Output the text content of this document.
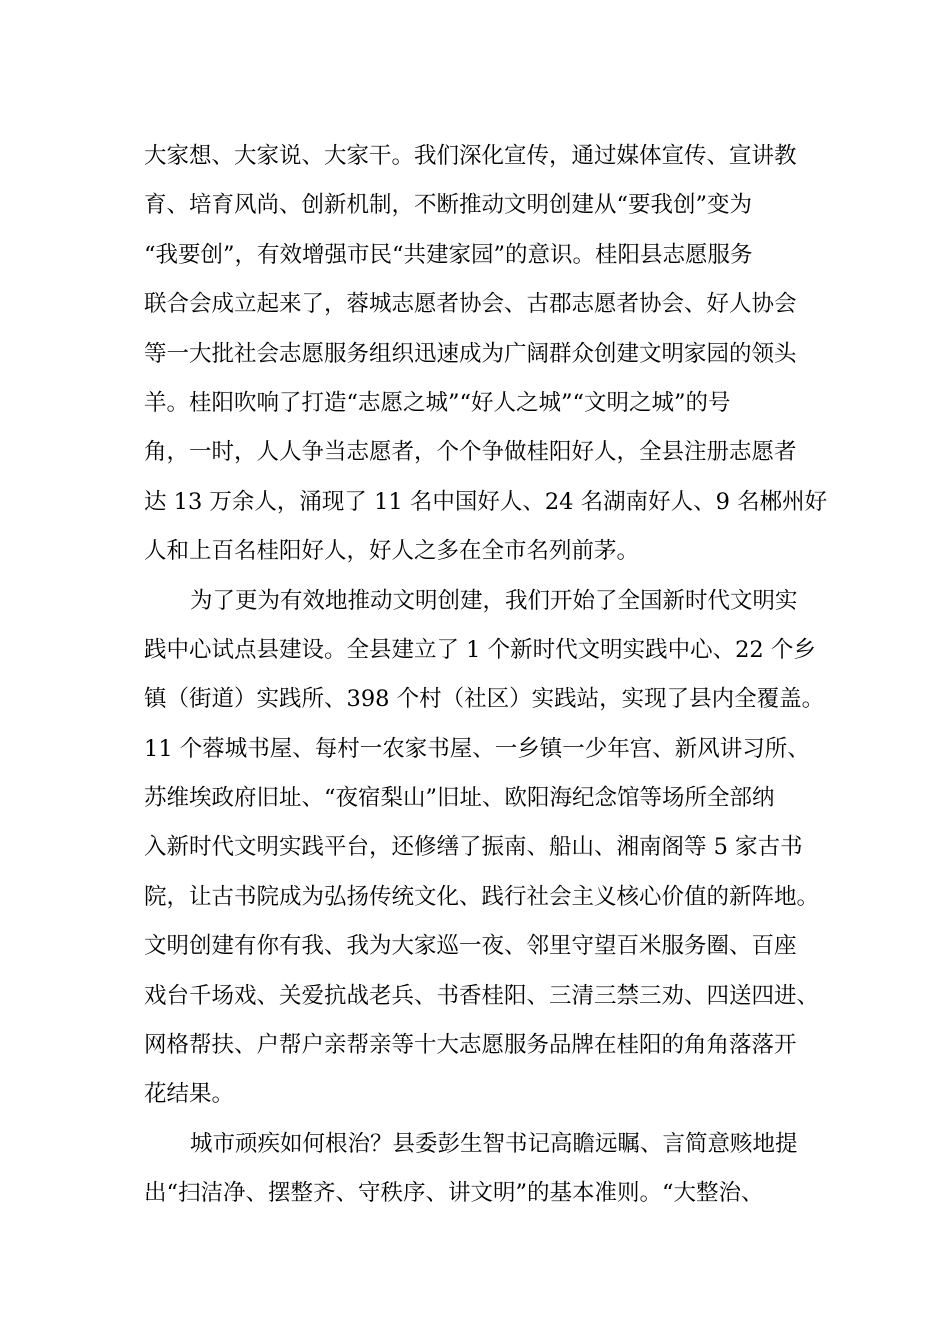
大家想、大家说、大家干。我们深化宣传，通过媒体宣传、宣讲教
育、培育风尚、创新机制，不断推动文明创建从“要我创”变为
“我要创”，有效增强市民“共建家园”的意识。桂阳县志愿服务
联合会成立起来了，蓉城志愿者协会、古郡志愿者协会、好人协会
等一大批社会志愿服务组织迅速成为广阔群众创建文明家园的领头
羊。桂阳吹响了打造“志愿之城”“好人之城”“文明之城”的号
角，一时，人人争当志愿者，个个争做桂阳好人，全县注册志愿者
达 13 万余人，涌现了 11 名中国好人、24 名湖南好人、9 名郴州好
人和上百名桂阳好人，好人之多在全市名列前茅。
为了更为有效地推动文明创建，我们开始了全国新时代文明实
践中心试点县建设。全县建立了 1 个新时代文明实践中心、22 个乡
镇（街道）实践所、398 个村（社区）实践站，实现了县内全覆盖。
11 个蓉城书屋、每村一农家书屋、一乡镇一少年宫、新风讲习所、
苏维埃政府旧址、“夜宿梨山”旧址、欧阳海纪念馆等场所全部纳
入新时代文明实践平台，还修缮了振南、船山、湘南阁等 5 家古书
院，让古书院成为弘扬传统文化、践行社会主义核心价值的新阵地。
文明创建有你有我、我为大家巡一夜、邻里守望百米服务圈、百座
戏台千场戏、关爱抗战老兵、书香桂阳、三清三禁三劝、四送四进、
网格帮扶、户帮户亲帮亲等十大志愿服务品牌在桂阳的角角落落开
花结果。
城市顽疾如何根治？县委彭生智书记高瞻远瞩、言简意赅地提
出“扫洁净、摆整齐、守秩序、讲文明”的基本准则。“大整治、
